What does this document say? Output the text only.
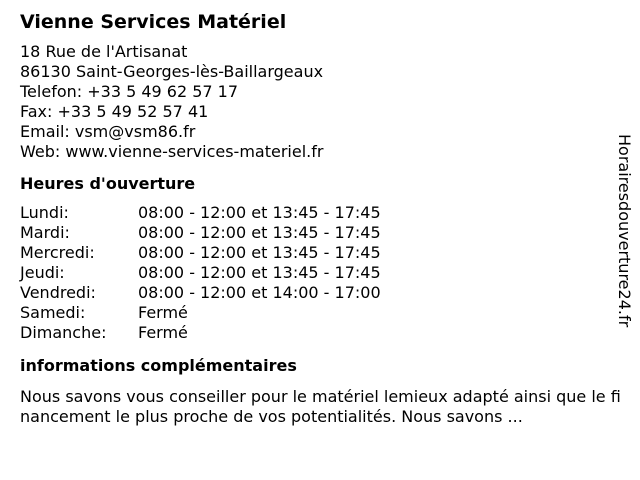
Vienne Services Matériel
18 Rue de l'Artisanat
86130 Saint-Georges-lès-Baillargeaux
Telefon: +33 5 49 62 57 17
Fax: +33 5 49 52 57 41
Email: vsm@vsm86.fr
Web: www.vienne-services-materiel.fr
Heures d'ouverture
Lundi:	08:00 - 12:00 et 13:45 - 17:45
Mardi:	08:00 - 12:00 et 13:45 - 17:45
Mercredi:	08:00 - 12:00 et 13:45 - 17:45
Jeudi:	08:00 - 12:00 et 13:45 - 17:45
Vendredi:	08:00 - 12:00 et 14:00 - 17:00
Samedi:	Fermé
Dimanche:	Fermé
informations complémentaires
Nous savons vous conseiller pour le matériel lemieux adapté ainsi que le financement le plus proche de vos potentialités. Nous savons ...
Horairesdouverture24.fr
